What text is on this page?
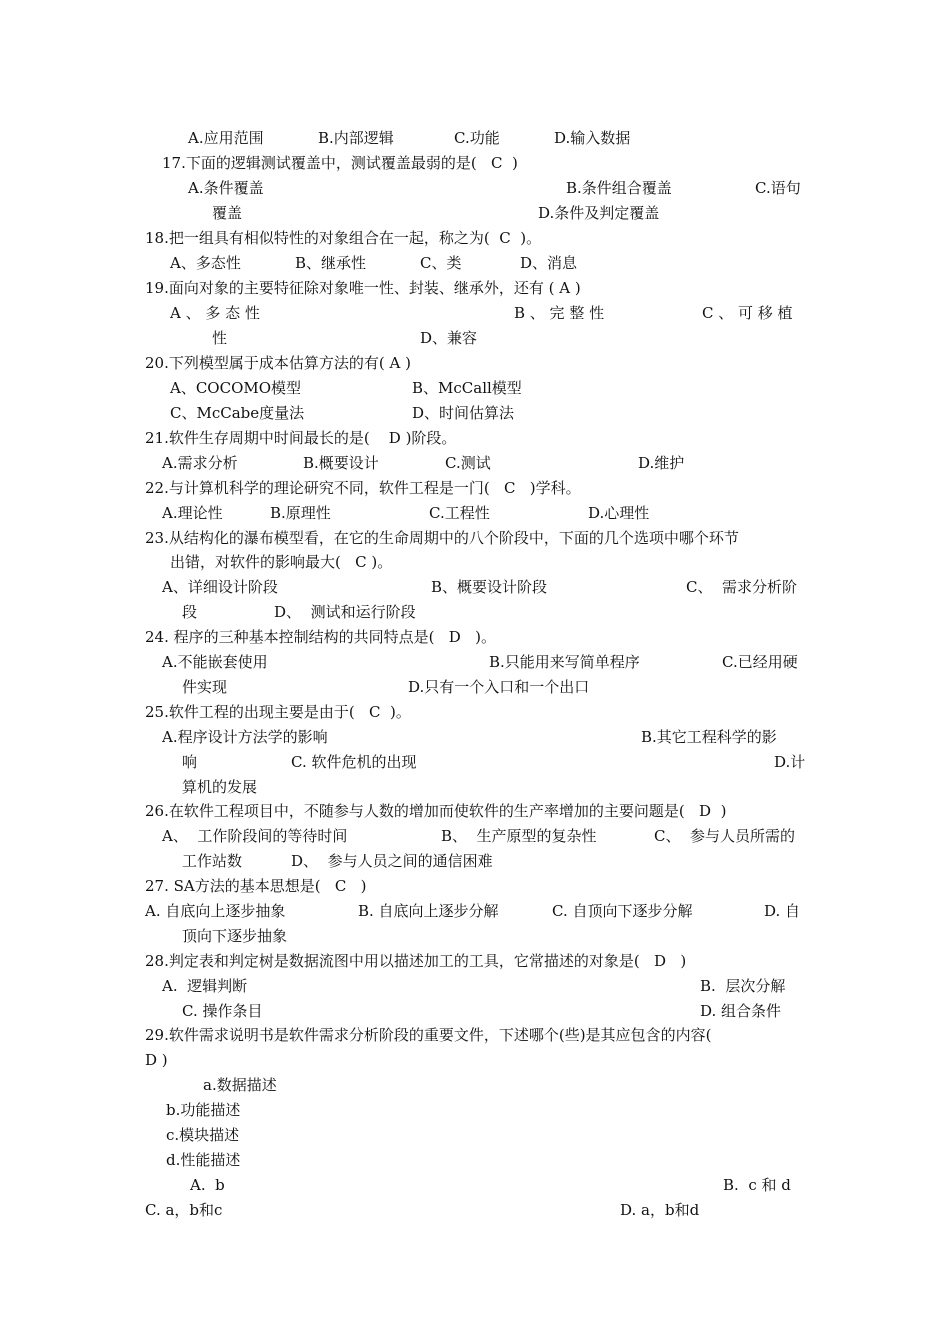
A.应用范围	B.内部逻辑	C.功能	D.输入数据
17.下面的逻辑测试覆盖中，测试覆盖最弱的是(   C  )
A.条件覆盖	B.条件组合覆盖	C.语句
覆盖	D.条件及判定覆盖
18.把一组具有相似特性的对象组合在一起，称之为(  C  )。
A、多态性	B、继承性	C、类	D、消息
19.面向对象的主要特征除对象唯一性、封装、继承外，还有 ( A )
A 、 多 态 性	B 、 完 整 性	C 、 可 移 植
性	D、兼容
20.下列模型属于成本估算方法的有( A )
A、COCOMO模型	B、McCall模型
C、McCabe度量法	D、时间估算法
21.软件生存周期中时间最长的是(    D )阶段。
A.需求分析	B.概要设计	C.测试	D.维护
22.与计算机科学的理论研究不同，软件工程是一门(   C   )学科。
A.理论性	B.原理性	C.工程性	D.心理性
23.从结构化的瀑布模型看，在它的生命周期中的八个阶段中，下面的几个选项中哪个环节
出错，对软件的影响最大(   C )。
A、详细设计阶段	B、概要设计阶段	C、  需求分析阶
段	D、  测试和运行阶段
24. 程序的三种基本控制结构的共同特点是(   D   )。
A.不能嵌套使用	B.只能用来写简单程序	C.已经用硬
件实现	D.只有一个入口和一个出口
25.软件工程的出现主要是由于(   C  )。
A.程序设计方法学的影响	B.其它工程科学的影
响	C. 软件危机的出现	D.计
算机的发展
26.在软件工程项目中，不随参与人数的增加而使软件的生产率增加的主要问题是(   D  )
A、  工作阶段间的等待时间	B、  生产原型的复杂性	C、  参与人员所需的
工作站数	D、  参与人员之间的通信困难
27. SA方法的基本思想是(   C   )
A. 自底向上逐步抽象	B. 自底向上逐步分解	C. 自顶向下逐步分解	D. 自
顶向下逐步抽象
28.判定表和判定树是数据流图中用以描述加工的工具，它常描述的对象是(   D   )
A.  逻辑判断	B.  层次分解
C. 操作条目	D. 组合条件
29.软件需求说明书是软件需求分析阶段的重要文件，下述哪个(些)是其应包含的内容(
D )
a.数据描述
b.功能描述
c.模块描述
d.性能描述
A.  b	B.  c 和 d
C. a，b和c	D. a，b和d
